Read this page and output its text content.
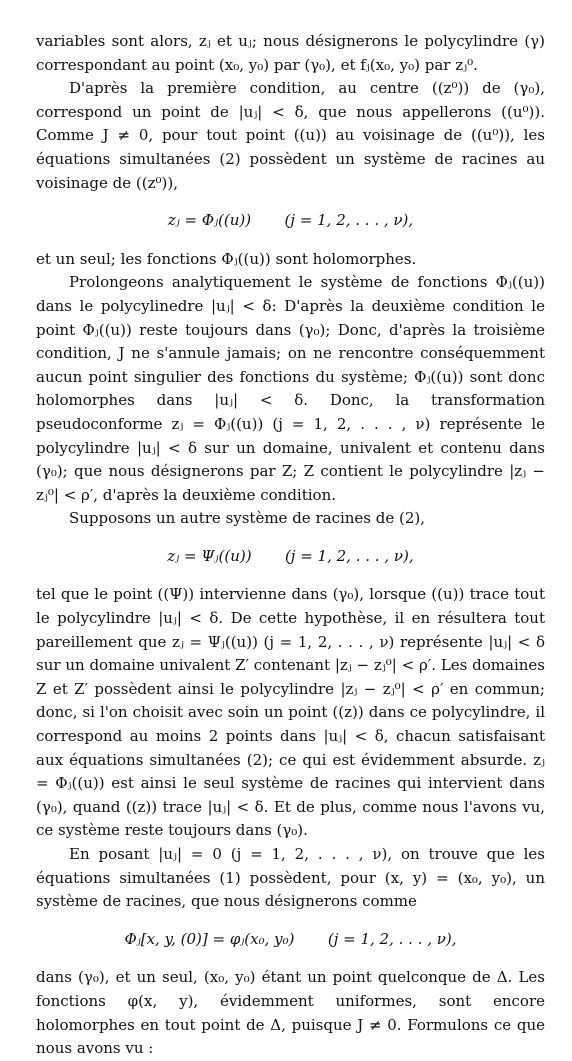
variables sont alors, zⱼ et uⱼ; nous désignerons le polycylindre (γ) correspondant au point (x₀, y₀) par (γ₀), et fⱼ(x₀, y₀) par zⱼ⁰.

D'après la première condition, au centre ((z⁰)) de (γ₀), correspond un point de |uⱼ| < δ, que nous appellerons ((u⁰)). Comme J ≠ 0, pour tout point ((u)) au voisinage de ((u⁰)), les équations simultanées (2) possèdent un système de racines au voisinage de ((z⁰)),

zⱼ = Φⱼ((u))       (j = 1, 2, . . . , ν),

et un seul; les fonctions Φⱼ((u)) sont holomorphes.

Prolongeons analytiquement le système de fonctions Φⱼ((u)) dans le polycylinedre |uⱼ| < δ: D'après la deuxième condition le point Φⱼ((u)) reste toujours dans (γ₀); Donc, d'après la troisième condition, J ne s'annule jamais; on ne rencontre conséquemment aucun point singulier des fonctions du système; Φⱼ((u)) sont donc holomorphes dans |uⱼ| < δ. Donc, la transformation pseudoconforme zⱼ = Φⱼ((u)) (j = 1, 2, . . . , ν) représente le polycylindre |uⱼ| < δ sur un domaine, univalent et contenu dans (γ₀); que nous désignerons par Z; Z contient le polycylindre |zⱼ − zⱼ⁰| < ρ′, d'après la deuxième condition.

Supposons un autre système de racines de (2),

zⱼ = Ψⱼ((u))       (j = 1, 2, . . . , ν),

tel que le point ((Ψ)) intervienne dans (γ₀), lorsque ((u)) trace tout le polycylindre |uⱼ| < δ. De cette hypothèse, il en résultera tout pareillement que zⱼ = Ψⱼ((u)) (j = 1, 2, . . . , ν) représente |uⱼ| < δ sur un domaine univalent Z′ contenant |zⱼ − zⱼ⁰| < ρ′. Les domaines Z et Z′ possèdent ainsi le polycylindre |zⱼ − zⱼ⁰| < ρ′ en commun; donc, si l'on choisit avec soin un point ((z)) dans ce polycylindre, il correspond au moins 2 points dans |uⱼ| < δ, chacun satisfaisant aux équations simultanées (2); ce qui est évidemment absurde. zⱼ = Φⱼ((u)) est ainsi le seul système de racines qui intervient dans (γ₀), quand ((z)) trace |uⱼ| < δ. Et de plus, comme nous l'avons vu, ce système reste toujours dans (γ₀).

En posant |uⱼ| = 0 (j = 1, 2, . . . , ν), on trouve que les équations simultanées (1) possèdent, pour (x, y) = (x₀, y₀), un système de racines, que nous désignerons comme

Φⱼ[x, y, (0)] = φⱼ(x₀, y₀)       (j = 1, 2, . . . , ν),

dans (γ₀), et un seul, (x₀, y₀) étant un point quelconque de Δ. Les fonctions φ(x, y), évidemment uniformes, sont encore holomorphes en tout point de Δ, puisque J ≠ 0. Formulons ce que nous avons vu :
